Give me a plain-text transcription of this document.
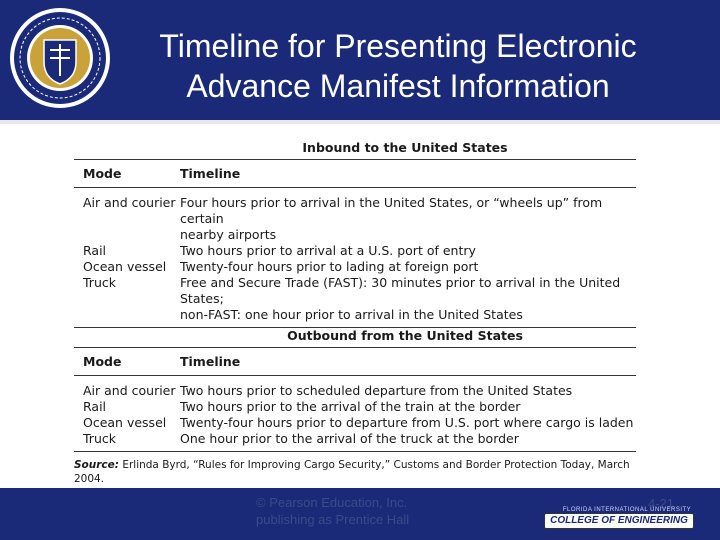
Timeline for Presenting Electronic
Advance Manifest Information
Inbound to the United States
Mode	Timeline
Air and courier Four hours prior to arrival in the United States, or “wheels up” from certain
nearby airports
Rail	Two hours prior to arrival at a U.S. port of entry
Ocean vessel	Twenty-four hours prior to lading at foreign port
Truck	Free and Secure Trade (FAST): 30 minutes prior to arrival in the United States;
non-FAST: one hour prior to arrival in the United States
Outbound from the United States
Mode	Timeline
Air and courier Two hours prior to scheduled departure from the United States
Rail	Two hours prior to the arrival of the train at the border
Ocean vessel	Twenty-four hours prior to departure from U.S. port where cargo is laden
Truck	One hour prior to the arrival of the truck at the border
Source: Erlinda Byrd, “Rules for Improving Cargo Security,” Customs and Border Protection Today, March 2004.
© Pearson Education, Inc.
publishing as Prentice Hall
4-21
FLORIDA INTERNATIONAL UNIVERSITY
COLLEGE OF ENGINEERING
